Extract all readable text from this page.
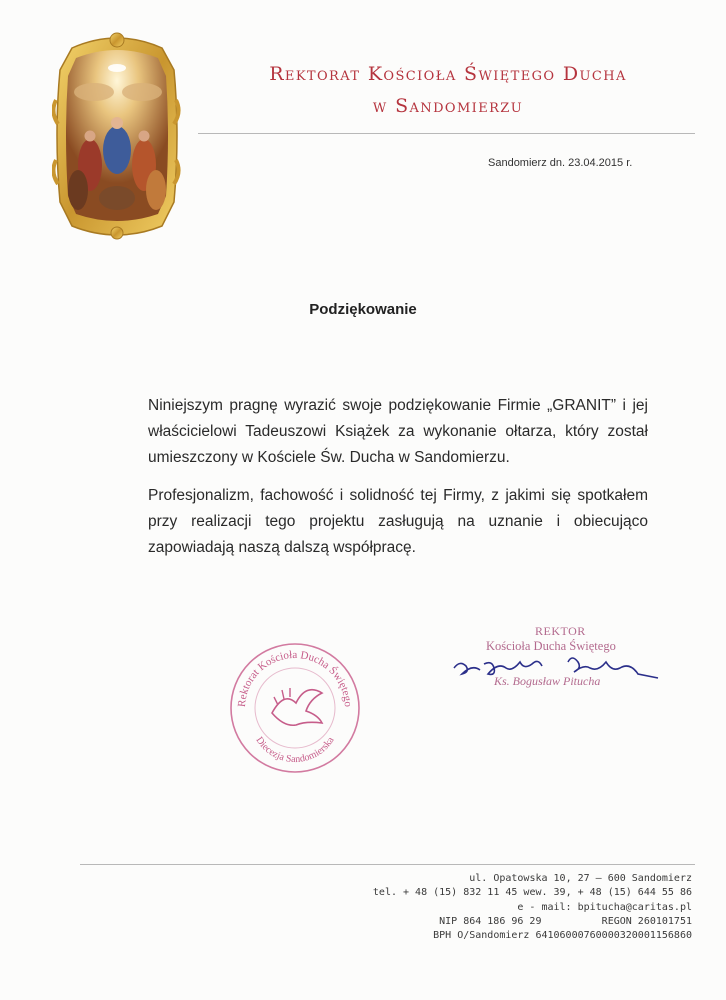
Rektorat Kościoła Świętego Ducha
w Sandomierzu
Sandomierz dn. 23.04.2015 r.
Podziękowanie

Niniejszym pragnę wyrazić swoje podziękowanie Firmie „GRANIT” i jej właścicielowi Tadeuszowi Książek za wykonanie ołtarza, który został umieszczony w Kościele Św. Ducha w Sandomierzu.

Profesjonalizm, fachowość i solidność tej Firmy, z jakimi się spotkałem przy realizacji tego projektu zasługują na uznanie i obiecująco zapowiadają naszą dalszą współpracę.

Rektorat Kościoła Ducha Świętego
Diecezja Sandomierska
REKTOR
Kościoła Ducha Świętego
Ks. Bogusław Pitucha
ul. Opatowska 10, 27 – 600 Sandomierz
tel. + 48 (15) 832 11 45 wew. 39, + 48 (15) 644 55 86
e - mail: bpitucha@caritas.pl
NIP 864 186 96 29          REGON 260101751
BPH O/Sandomierz 64106000760000320001156860
